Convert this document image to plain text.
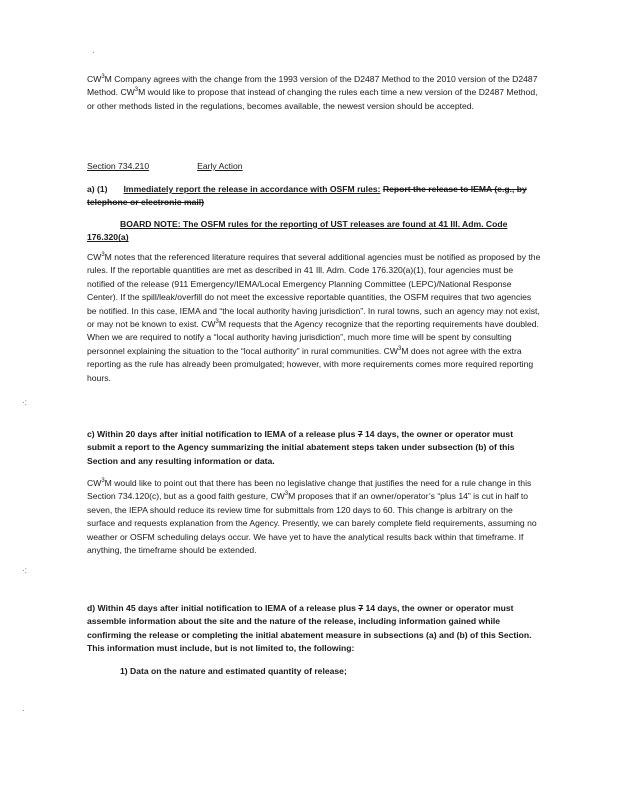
·
·:
·:
·
$CW^3M$ Company agrees with the change from the 1993 version of the D2487 Method to the 2010 version of the D2487 Method. $CW^3M$ would like to propose that instead of changing the rules each time a new version of the D2487 Method, or other methods listed in the regulations, becomes available, the newest version should be accepted.
Section 734.210	Early Action
a) (1) Immediately report the release in accordance with OSFM rules: Report the release to IEMA (e.g., by telephone or electronic mail)
BOARD NOTE: The OSFM rules for the reporting of UST releases are found at 41 Ill. Adm. Code 176.320(a)
$CW^3M$ notes that the referenced literature requires that several additional agencies must be notified as proposed by the rules. If the reportable quantities are met as described in 41 Ill. Adm. Code 176.320(a)(1), four agencies must be notified of the release (911 Emergency/IEMA/Local Emergency Planning Committee (LEPC)/National Response Center). If the spill/leak/overfill do not meet the excessive reportable quantities, the OSFM requires that two agencies be notified. In this case, IEMA and “the local authority having jurisdiction”. In rural towns, such an agency may not exist, or may not be known to exist. $CW^3M$ requests that the Agency recognize that the reporting requirements have doubled. When we are required to notify a “local authority having jurisdiction”, much more time will be spent by consulting personnel explaining the situation to the “local authority” in rural communities. $CW^3M$ does not agree with the extra reporting as the rule has already been promulgated; however, with more requirements comes more required reporting hours.
c) Within 20 days after initial notification to IEMA of a release plus 7 14 days, the owner or operator must submit a report to the Agency summarizing the initial abatement steps taken under subsection (b) of this Section and any resulting information or data.
$CW^3M$ would like to point out that there has been no legislative change that justifies the need for a rule change in this Section 734.120(c), but as a good faith gesture, $CW^3M$ proposes that if an owner/operator’s “plus 14” is cut in half to seven, the IEPA should reduce its review time for submittals from 120 days to 60. This change is arbitrary on the surface and requests explanation from the Agency. Presently, we can barely complete field requirements, assuming no weather or OSFM scheduling delays occur. We have yet to have the analytical results back within that timeframe. If anything, the timeframe should be extended.
d) Within 45 days after initial notification to IEMA of a release plus 7 14 days, the owner or operator must assemble information about the site and the nature of the release, including information gained while confirming the release or completing the initial abatement measure in subsections (a) and (b) of this Section. This information must include, but is not limited to, the following:
1) Data on the nature and estimated quantity of release;
